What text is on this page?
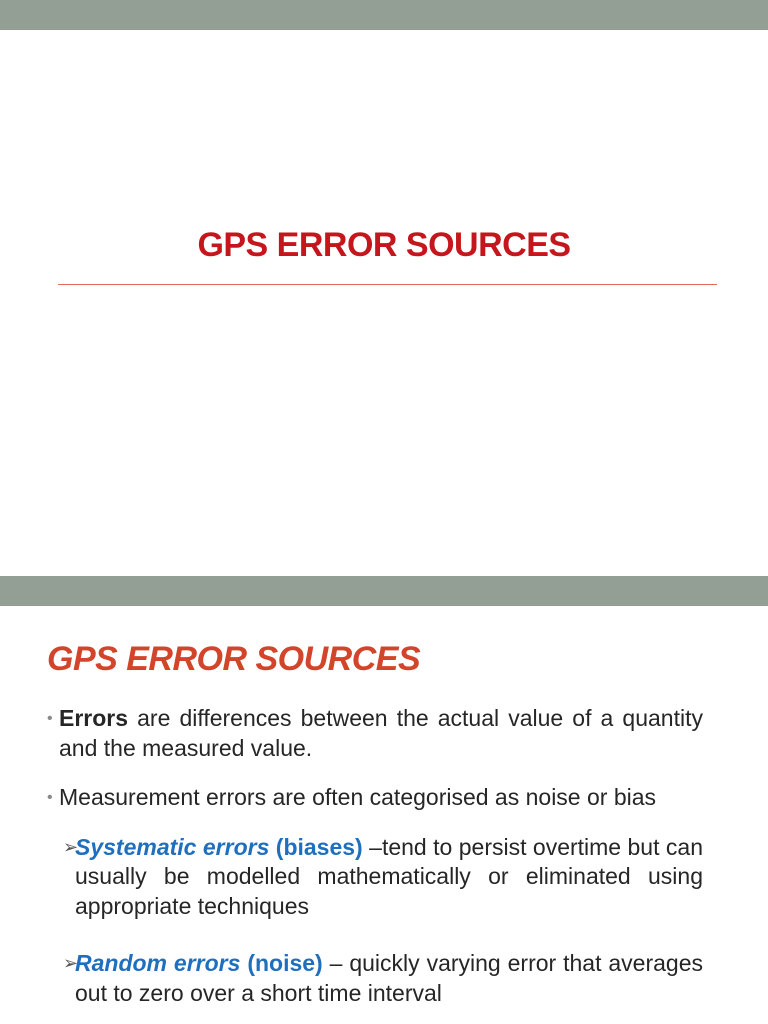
GPS ERROR SOURCES
GPS ERROR SOURCES
• Errors are differences between the actual value of a quantity and the measured value.
• Measurement errors are often categorised as noise or bias
➢
Systematic errors (biases) –tend to persist overtime but can usually be modelled mathematically or eliminated using appropriate techniques
➢
Random errors (noise) – quickly varying error that averages out to zero over a short time interval
